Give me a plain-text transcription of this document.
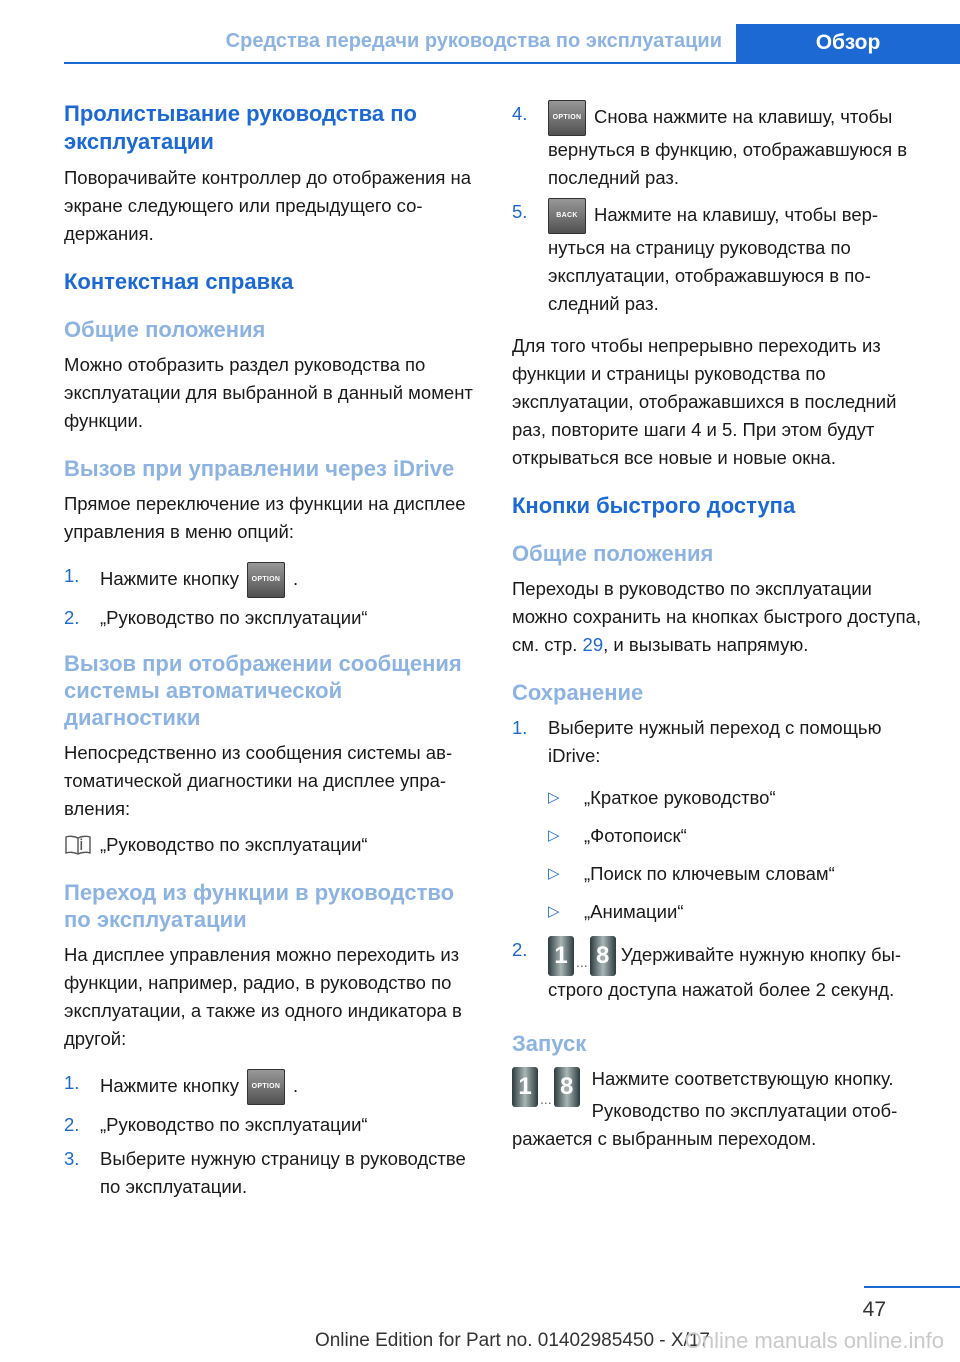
Средства передачи руководства по эксплуатации	Обзор
Пролистывание руководства по эксплуатации

Поворачивайте контроллер до отображения на экране следующего или предыдущего содержания.

Контекстная справка
Общие положения

Можно отобразить раздел руководства по эксплуатации для выбранной в данный момент функции.

Вызов при управлении через iDrive

Прямое переключение из функции на дисплее управления в меню опций:

1. Нажмите кнопку OPTION .
2. „Руководство по эксплуатации“
Вызов при отображении сообщения системы автоматической диагностики

Непосредственно из сообщения системы автоматической диагностики на дисплее управления:

„Руководство по эксплуатации“
Переход из функции в руководство по эксплуатации

На дисплее управления можно переходить из функции, например, радио, в руководство по эксплуатации, а также из одного индикатора в другой:

1. Нажмите кнопку OPTION .
2. „Руководство по эксплуатации“
3. Выберите нужную страницу в руководстве по эксплуатации.
4.	OPTION Снова нажмите на клавишу, чтобы вернуться в функцию, отображавшуюся в последний раз.
5.	BACK Нажмите на клавишу, чтобы вернуться на страницу руководства по эксплуатации, отображавшуюся в последний раз.

Для того чтобы непрерывно переходить из функции и страницы руководства по эксплуатации, отображавшихся в последний раз, повторите шаги 4 и 5. При этом будут открываться все новые и новые окна.

Кнопки быстрого доступа
Общие положения

Переходы в руководство по эксплуатации можно сохранить на кнопках быстрого доступа, см. стр. 29, и вызывать напрямую.

Сохранение
1. Выберите нужный переход с помощью iDrive:
▷ „Краткое руководство“
▷ „Фотопоиск“
▷ „Поиск по ключевым словам“
▷ „Анимации“
2. 1 ... 8 Удерживайте нужную кнопку быстрого доступа нажатой более 2 секунд.
Запуск
1 ... 8 Нажмите соответствующую кнопку.

Руководство по эксплуатации отображается с выбранным переходом.

47
Online Edition for Part no. 01402985450 - X/17
Online manuals online.info
